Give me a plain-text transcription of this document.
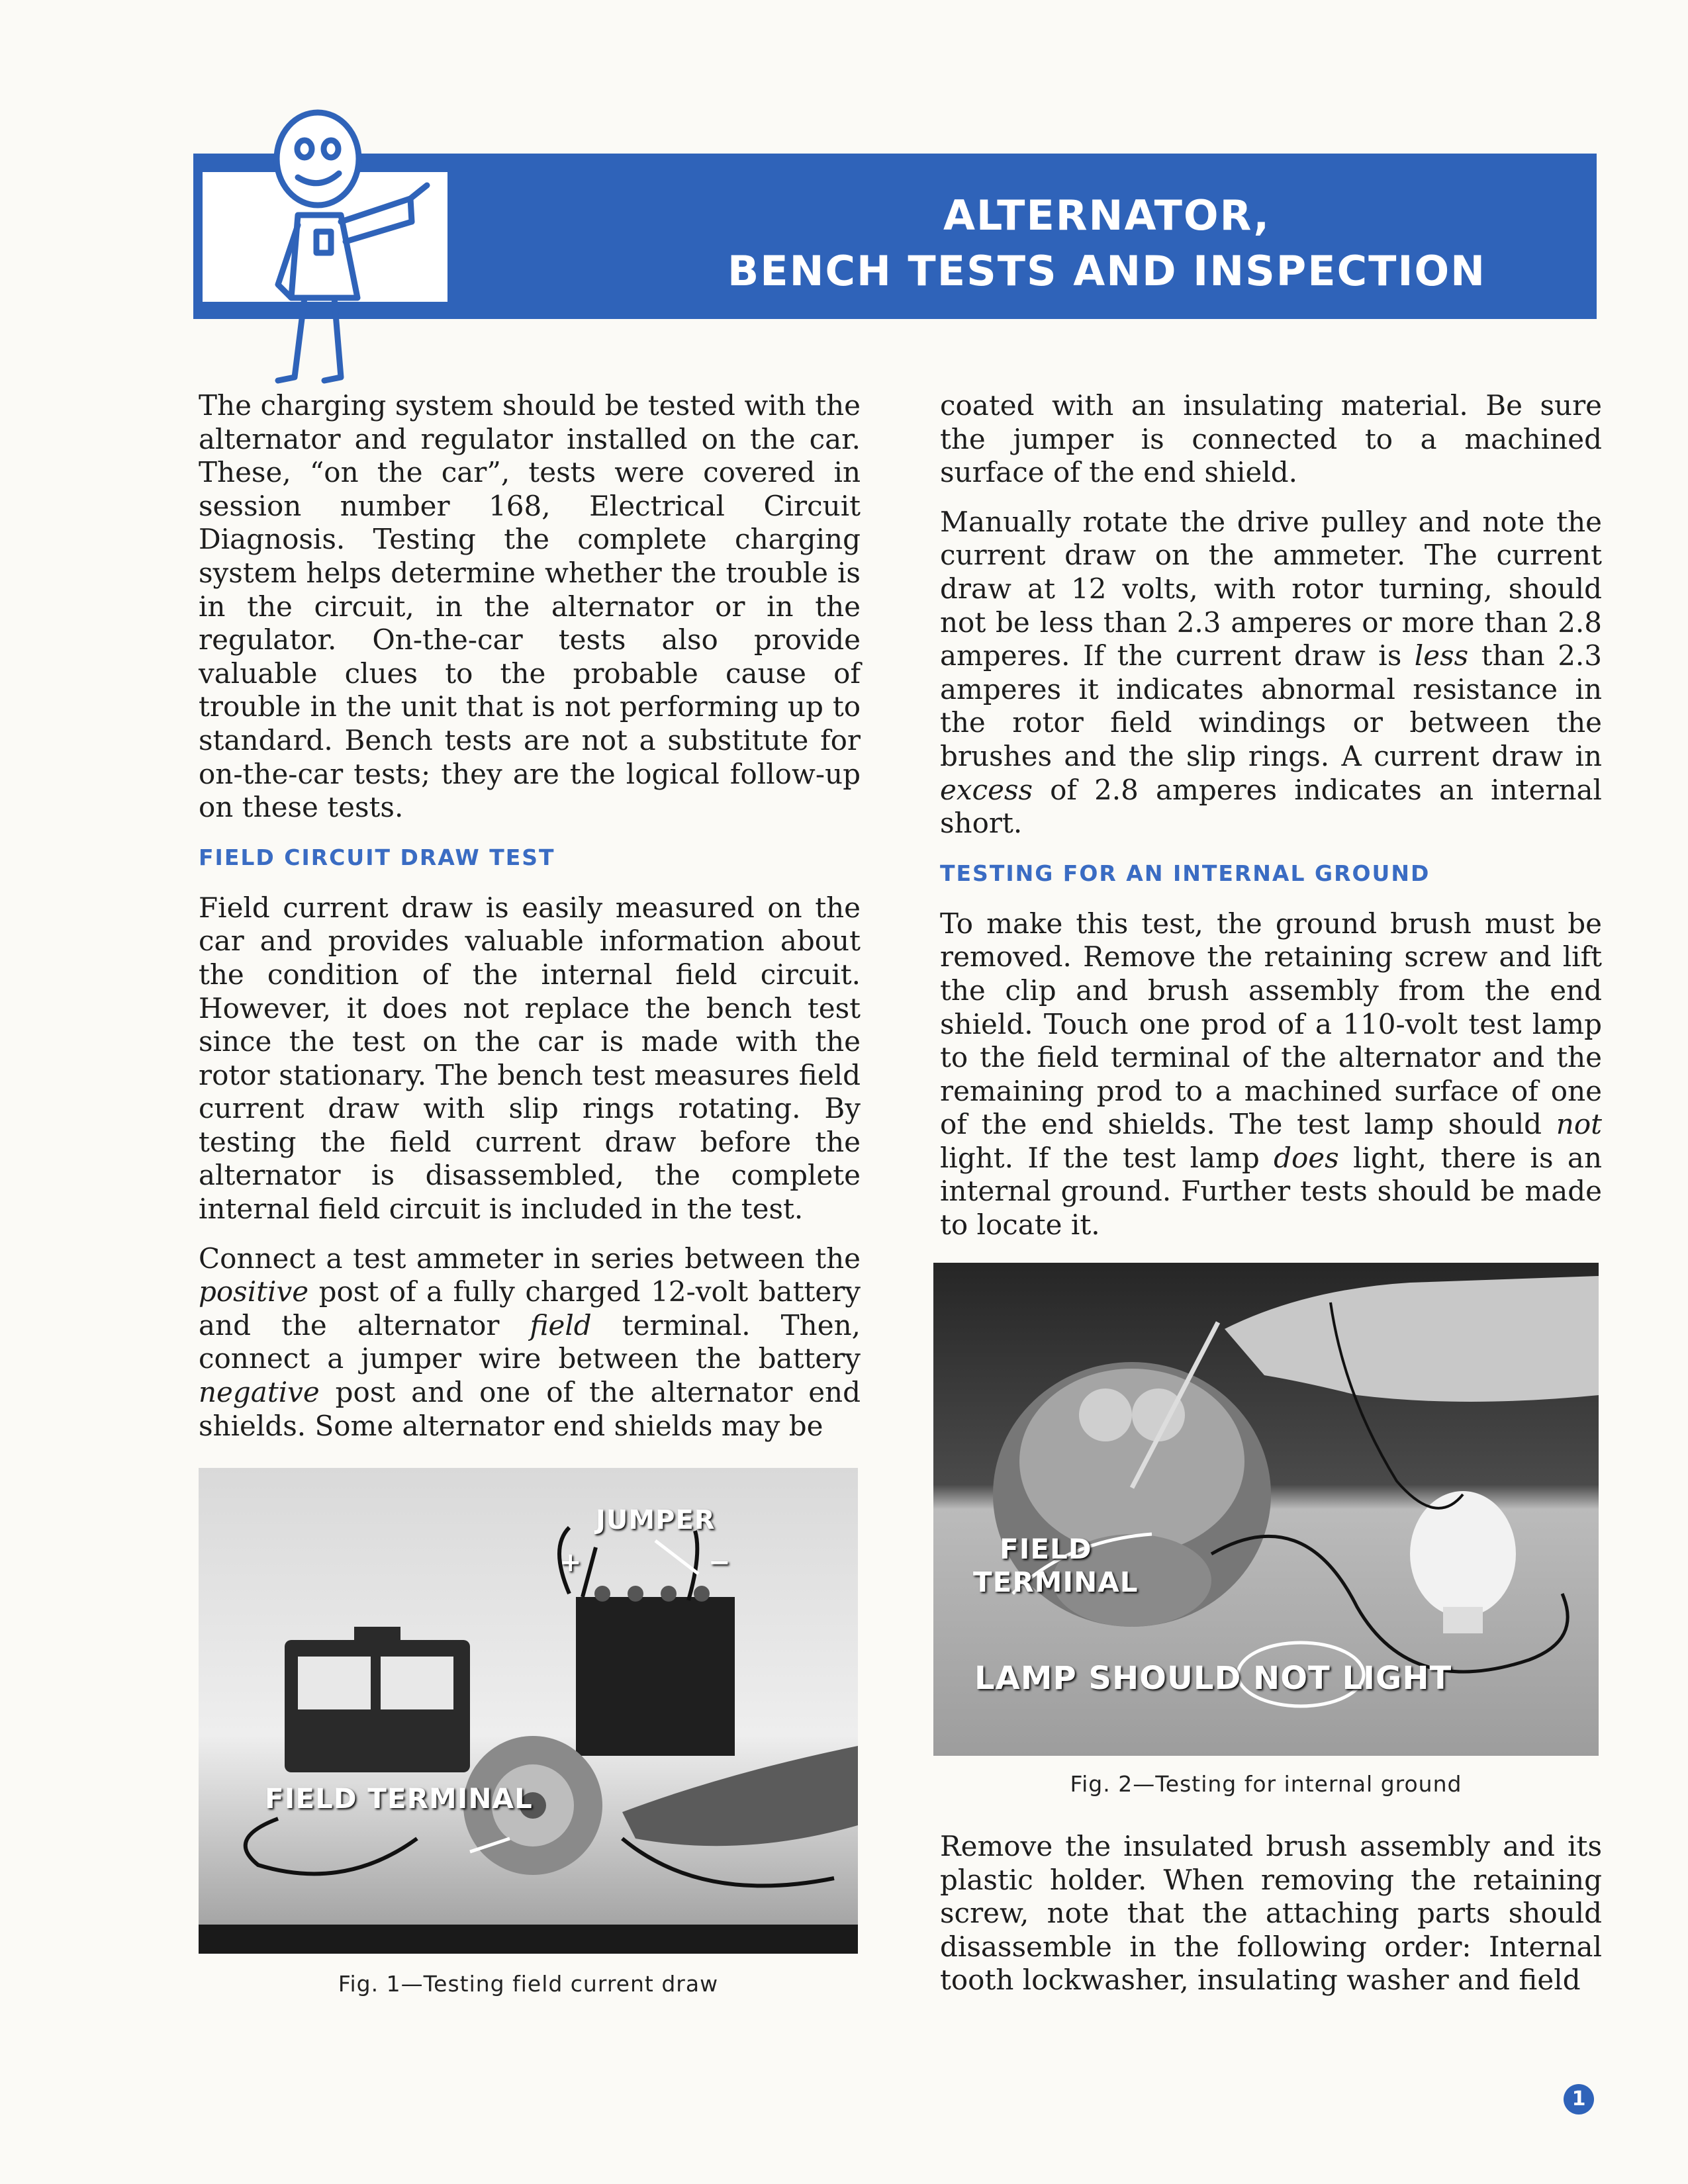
ALTERNATOR,
BENCH TESTS AND INSPECTION

The charging system should be tested with the alternator and regulator installed on the car. These, “on the car”, tests were covered in session number 168, Electrical Circuit Diagnosis. Testing the complete charging system helps determine whether the trouble is in the circuit, in the alternator or in the regulator. On-the-car tests also provide valuable clues to the probable cause of trouble in the unit that is not performing up to standard. Bench tests are not a substitute for on-the-car tests; they are the logical follow-up on these tests.

FIELD CIRCUIT DRAW TEST

Field current draw is easily measured on the car and provides valuable information about the condition of the internal field circuit. However, it does not replace the bench test since the test on the car is made with the rotor stationary. The bench test measures field current draw with slip rings rotating. By testing the field current draw before the alternator is disassembled, the complete internal field circuit is included in the test.

Connect a test ammeter in series between the positive post of a fully charged 12-volt battery and the alternator field terminal. Then, connect a jumper wire between the battery negative post and one of the alternator end shields. Some alternator end shields may be

coated with an insulating material. Be sure the jumper is connected to a machined surface of the end shield.

Manually rotate the drive pulley and note the current draw on the ammeter. The current draw at 12 volts, with rotor turning, should not be less than 2.3 amperes or more than 2.8 amperes. If the current draw is less than 2.3 amperes it indicates abnormal resistance in the rotor field windings or between the brushes and the slip rings. A current draw in excess of 2.8 amperes indicates an internal short.

TESTING FOR AN INTERNAL GROUND

To make this test, the ground brush must be removed. Remove the retaining screw and lift the clip and brush assembly from the end shield. Touch one prod of a 110-volt test lamp to the field terminal of the alternator and the remaining prod to a machined surface of one of the end shields. The test lamp should not light. If the test lamp does light, there is an internal ground. Further tests should be made to locate it.

Remove the insulated brush assembly and its plastic holder. When removing the retaining screw, note that the attaching parts should disassemble in the following order: Internal tooth lockwasher, insulating washer and field

JUMPER
+	−
FIELD TERMINAL
Fig. 1—Testing field current draw
FIELD
TERMINAL
LAMP SHOULD NOT LIGHT
Fig. 2—Testing for internal ground
1
